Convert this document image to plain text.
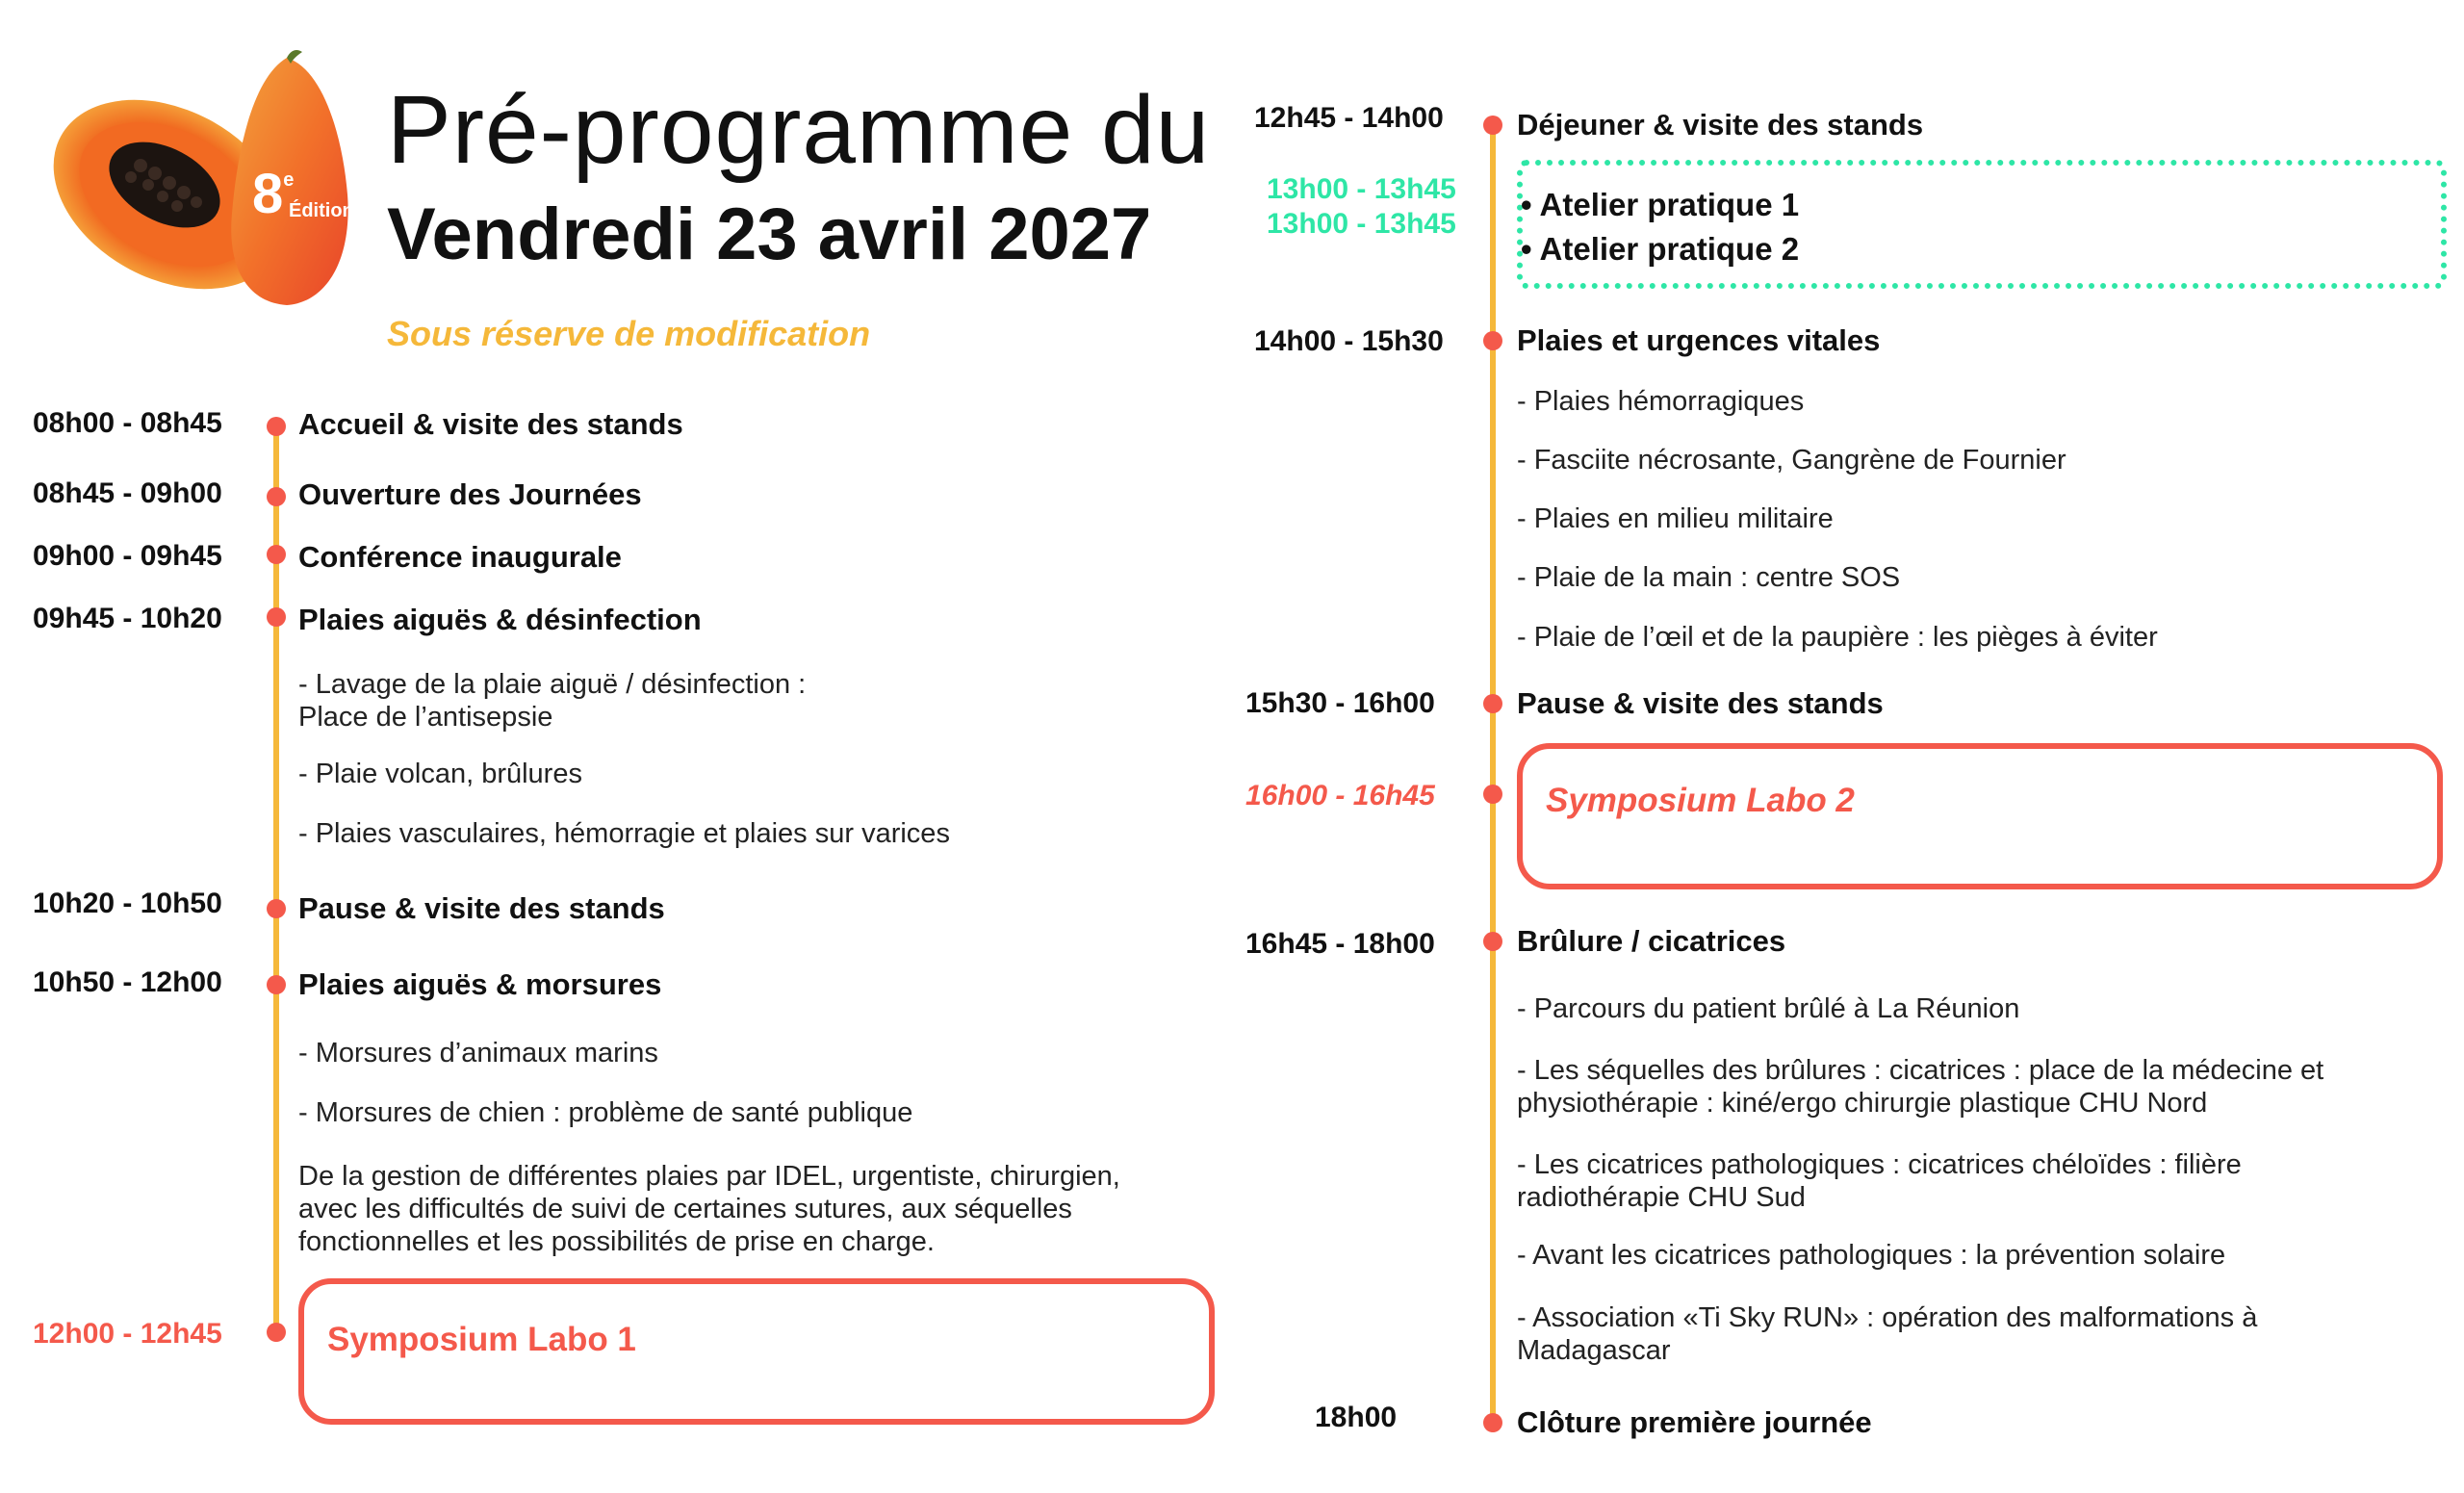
8e
Édition
Pré-programme du
Vendredi 23 avril 2027
Sous réserve de modification
08h00 - 08h45	Accueil & visite des stands
08h45 - 09h00	Ouverture des Journées
09h00 - 09h45	Conférence inaugurale
09h45 - 10h20	Plaies aiguës & désinfection
- Lavage de la plaie aiguë / désinfection :
Place de l’antisepsie
- Plaie volcan, brûlures
- Plaies vasculaires, hémorragie et plaies sur varices
10h20 - 10h50	Pause & visite des stands
10h50 - 12h00	Plaies aiguës & morsures
- Morsures d’animaux marins
- Morsures de chien : problème de santé publique
De la gestion de différentes plaies par IDEL, urgentiste, chirurgien,
avec les difficultés de suivi de certaines sutures, aux séquelles
fonctionnelles et les possibilités de prise en charge.
12h00 - 12h45	Symposium Labo 1
12h45 - 14h00 Déjeuner & visite des stands
13h00 - 13h45
13h00 - 13h45
• Atelier pratique 1
• Atelier pratique 2
14h00 - 15h30 Plaies et urgences vitales
- Plaies hémorragiques
- Fasciite nécrosante, Gangrène de Fournier
- Plaies en milieu militaire
- Plaie de la main : centre SOS
- Plaie de l’œil et de la paupière : les pièges à éviter
15h30 - 16h00	Pause & visite des stands
16h00 - 16h45	Symposium Labo 2
16h45 - 18h00	Brûlure / cicatrices
- Parcours du patient brûlé à La Réunion
- Les séquelles des brûlures : cicatrices : place de la médecine et
physiothérapie : kiné/ergo chirurgie plastique CHU Nord
- Les cicatrices pathologiques : cicatrices chéloïdes : filière
radiothérapie CHU Sud
- Avant les cicatrices pathologiques : la prévention solaire
- Association «Ti Sky RUN» : opération des malformations à
Madagascar
18h00	Clôture première journée
